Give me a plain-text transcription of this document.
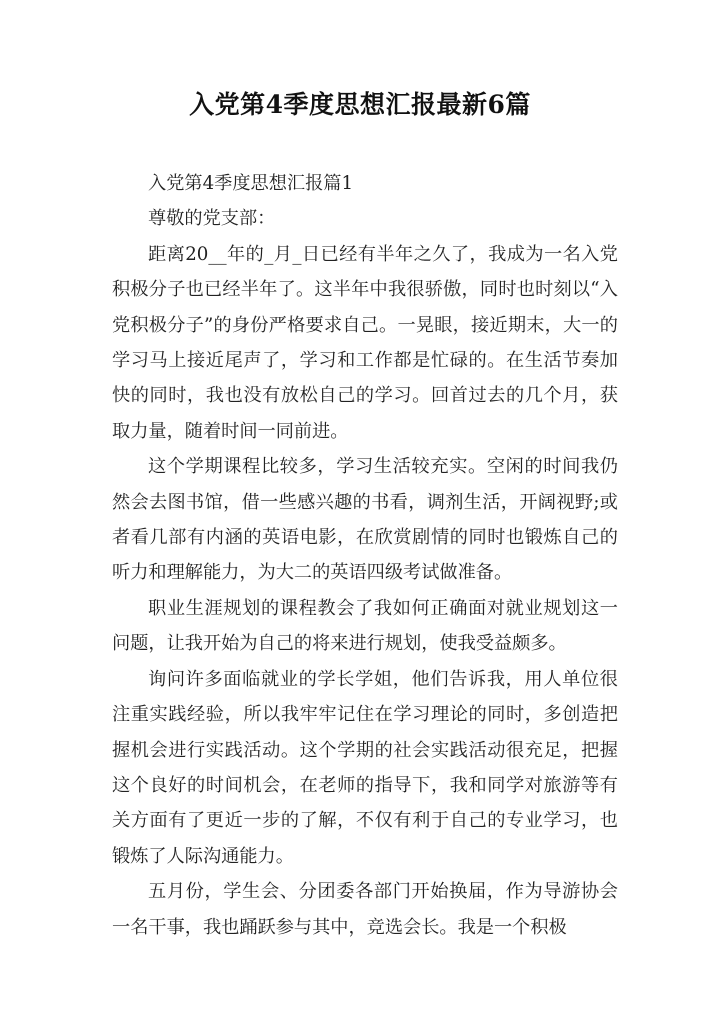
入党第4季度思想汇报最新6篇

入党第4季度思想汇报篇1

尊敬的党支部：

距离20__年的_月_日已经有半年之久了，我成为一名入党积极分子也已经半年了。这半年中我很骄傲，同时也时刻以“入党积极分子”的身份严格要求自己。一晃眼，接近期末，大一的学习马上接近尾声了，学习和工作都是忙碌的。在生活节奏加快的同时，我也没有放松自己的学习。回首过去的几个月，获取力量，随着时间一同前进。

这个学期课程比较多，学习生活较充实。空闲的时间我仍然会去图书馆，借一些感兴趣的书看，调剂生活，开阔视野;或者看几部有内涵的英语电影，在欣赏剧情的同时也锻炼自己的听力和理解能力，为大二的英语四级考试做准备。

职业生涯规划的课程教会了我如何正确面对就业规划这一问题，让我开始为自己的将来进行规划，使我受益颇多。

询问许多面临就业的学长学姐，他们告诉我，用人单位很注重实践经验，所以我牢牢记住在学习理论的同时，多创造把握机会进行实践活动。这个学期的社会实践活动很充足，把握这个良好的时间机会，在老师的指导下，我和同学对旅游等有关方面有了更近一步的了解，不仅有利于自己的专业学习，也锻炼了人际沟通能力。

五月份，学生会、分团委各部门开始换届，作为导游协会一名干事，我也踊跃参与其中，竞选会长。我是一个积极
